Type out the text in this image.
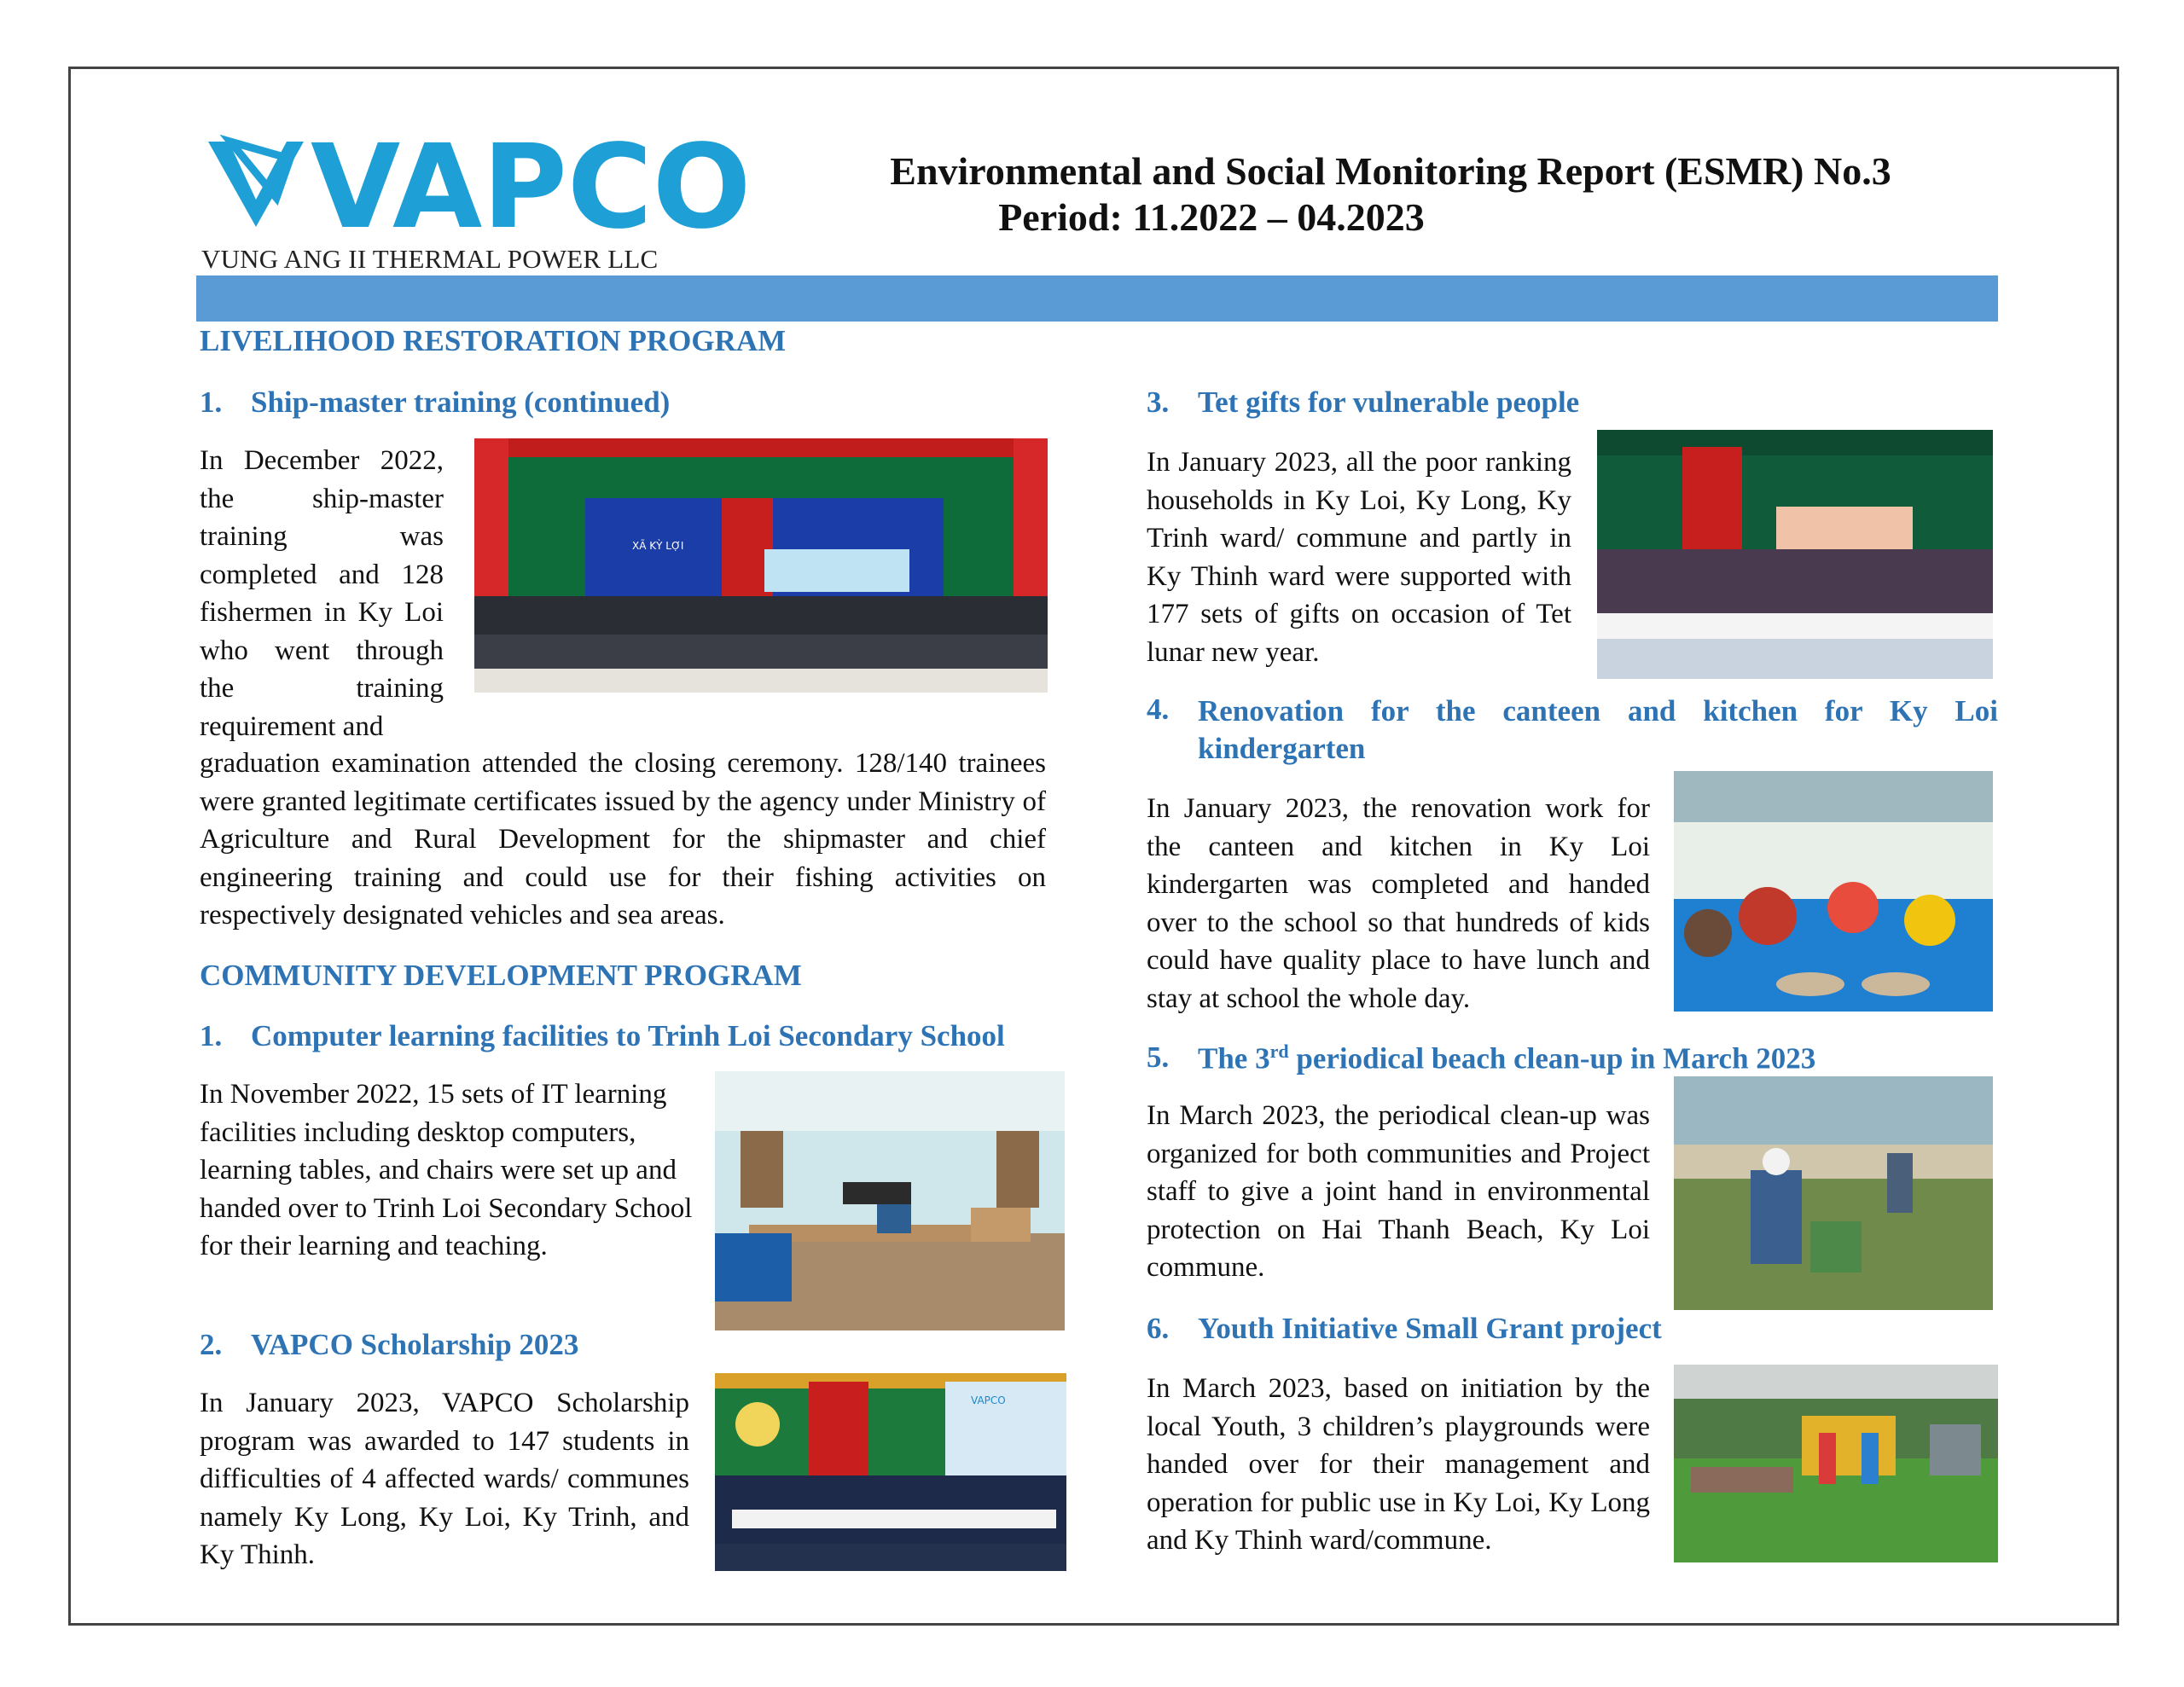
VAPCO
VUNG ANG II THERMAL POWER LLC
Environmental and Social Monitoring Report (ESMR) No.3
Period: 11.2022 – 04.2023
LIVELIHOOD RESTORATION PROGRAM
1. Ship-master training (continued)
In December 2022, the ship-master training was completed and 128 fishermen in Ky Loi who went through the training requirement and
graduation examination attended the closing ceremony. 128/140 trainees were granted legitimate certificates issued by the agency under Ministry of Agriculture and Rural Development for the shipmaster and chief engineering training and could use for their fishing activities on respectively designated vehicles and sea areas.
XÃ KỲ LỢI
COMMUNITY DEVELOPMENT PROGRAM
1. Computer learning facilities to Trinh Loi Secondary School
In November 2022, 15 sets of IT learning facilities including desktop computers, learning tables, and chairs were set up and handed over to Trinh Loi Secondary School for their learning and teaching.
2. VAPCO Scholarship 2023
In January 2023, VAPCO Scholarship program was awarded to 147 students in difficulties of 4 affected wards/ communes namely Ky Long, Ky Loi, Ky Trinh, and Ky Thinh.
VAPCO
3. Tet gifts for vulnerable people
In January 2023, all the poor ranking households in Ky Loi, Ky Long, Ky Trinh ward/ commune and partly in Ky Thinh ward were supported with 177 sets of gifts on occasion of Tet lunar new year.
4. Renovation for the canteen and kitchen for Ky Loi kindergarten
In January 2023, the renovation work for the canteen and kitchen in Ky Loi kindergarten was completed and handed over to the school so that hundreds of kids could have quality place to have lunch and stay at school the whole day.
5. The 3rd periodical beach clean-up in March 2023
In March 2023, the periodical clean-up was organized for both communities and Project staff to give a joint hand in environmental protection on Hai Thanh Beach, Ky Loi commune.
6. Youth Initiative Small Grant project
In March 2023, based on initiation by the local Youth, 3 children’s playgrounds were handed over for their management and operation for public use in Ky Loi, Ky Long and Ky Thinh ward/commune.
